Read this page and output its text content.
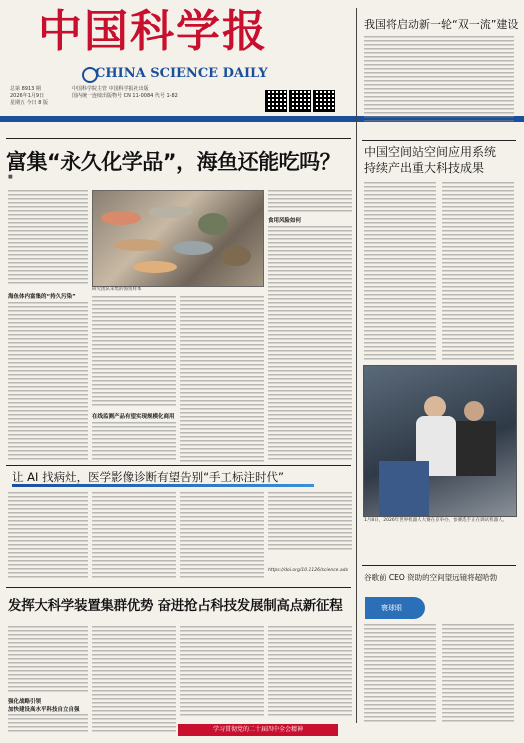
中国科学报
CHINA SCIENCE DAILY
总第 8913 期
2026年1月9日
星期五 今日 8 版
中国科学院主管 中国科学报社出版
国内统一连续出版物号 CN 11-0084 代号 1-82
我国将启动新一轮“双一流”建设
富集“永久化学品”，海鱼还能吃吗？
■
海鱼体内富集的“持久污染”
研究团队采集的海鱼样本
在线监测产品有望实现规模化商用
食用风险如何
中国空间站空间应用系统
持续产出重大科技成果
1月8日，2026年世界机器人大赛在京举办，参赛选手正在调试机器人。
谷歌前 CEO 资助的空间望远镜将超哈勃
寰球眼
让 AI 找病灶，医学影像诊断有望告别“手工标注时代”
https://doi.org/10.1126/science.adx
发挥大科学装置集群优势 奋进抢占科技发展制高点新征程
强化战略引领
加快建设高水平科技自立自强
学习贯彻党的二十届四中全会精神
